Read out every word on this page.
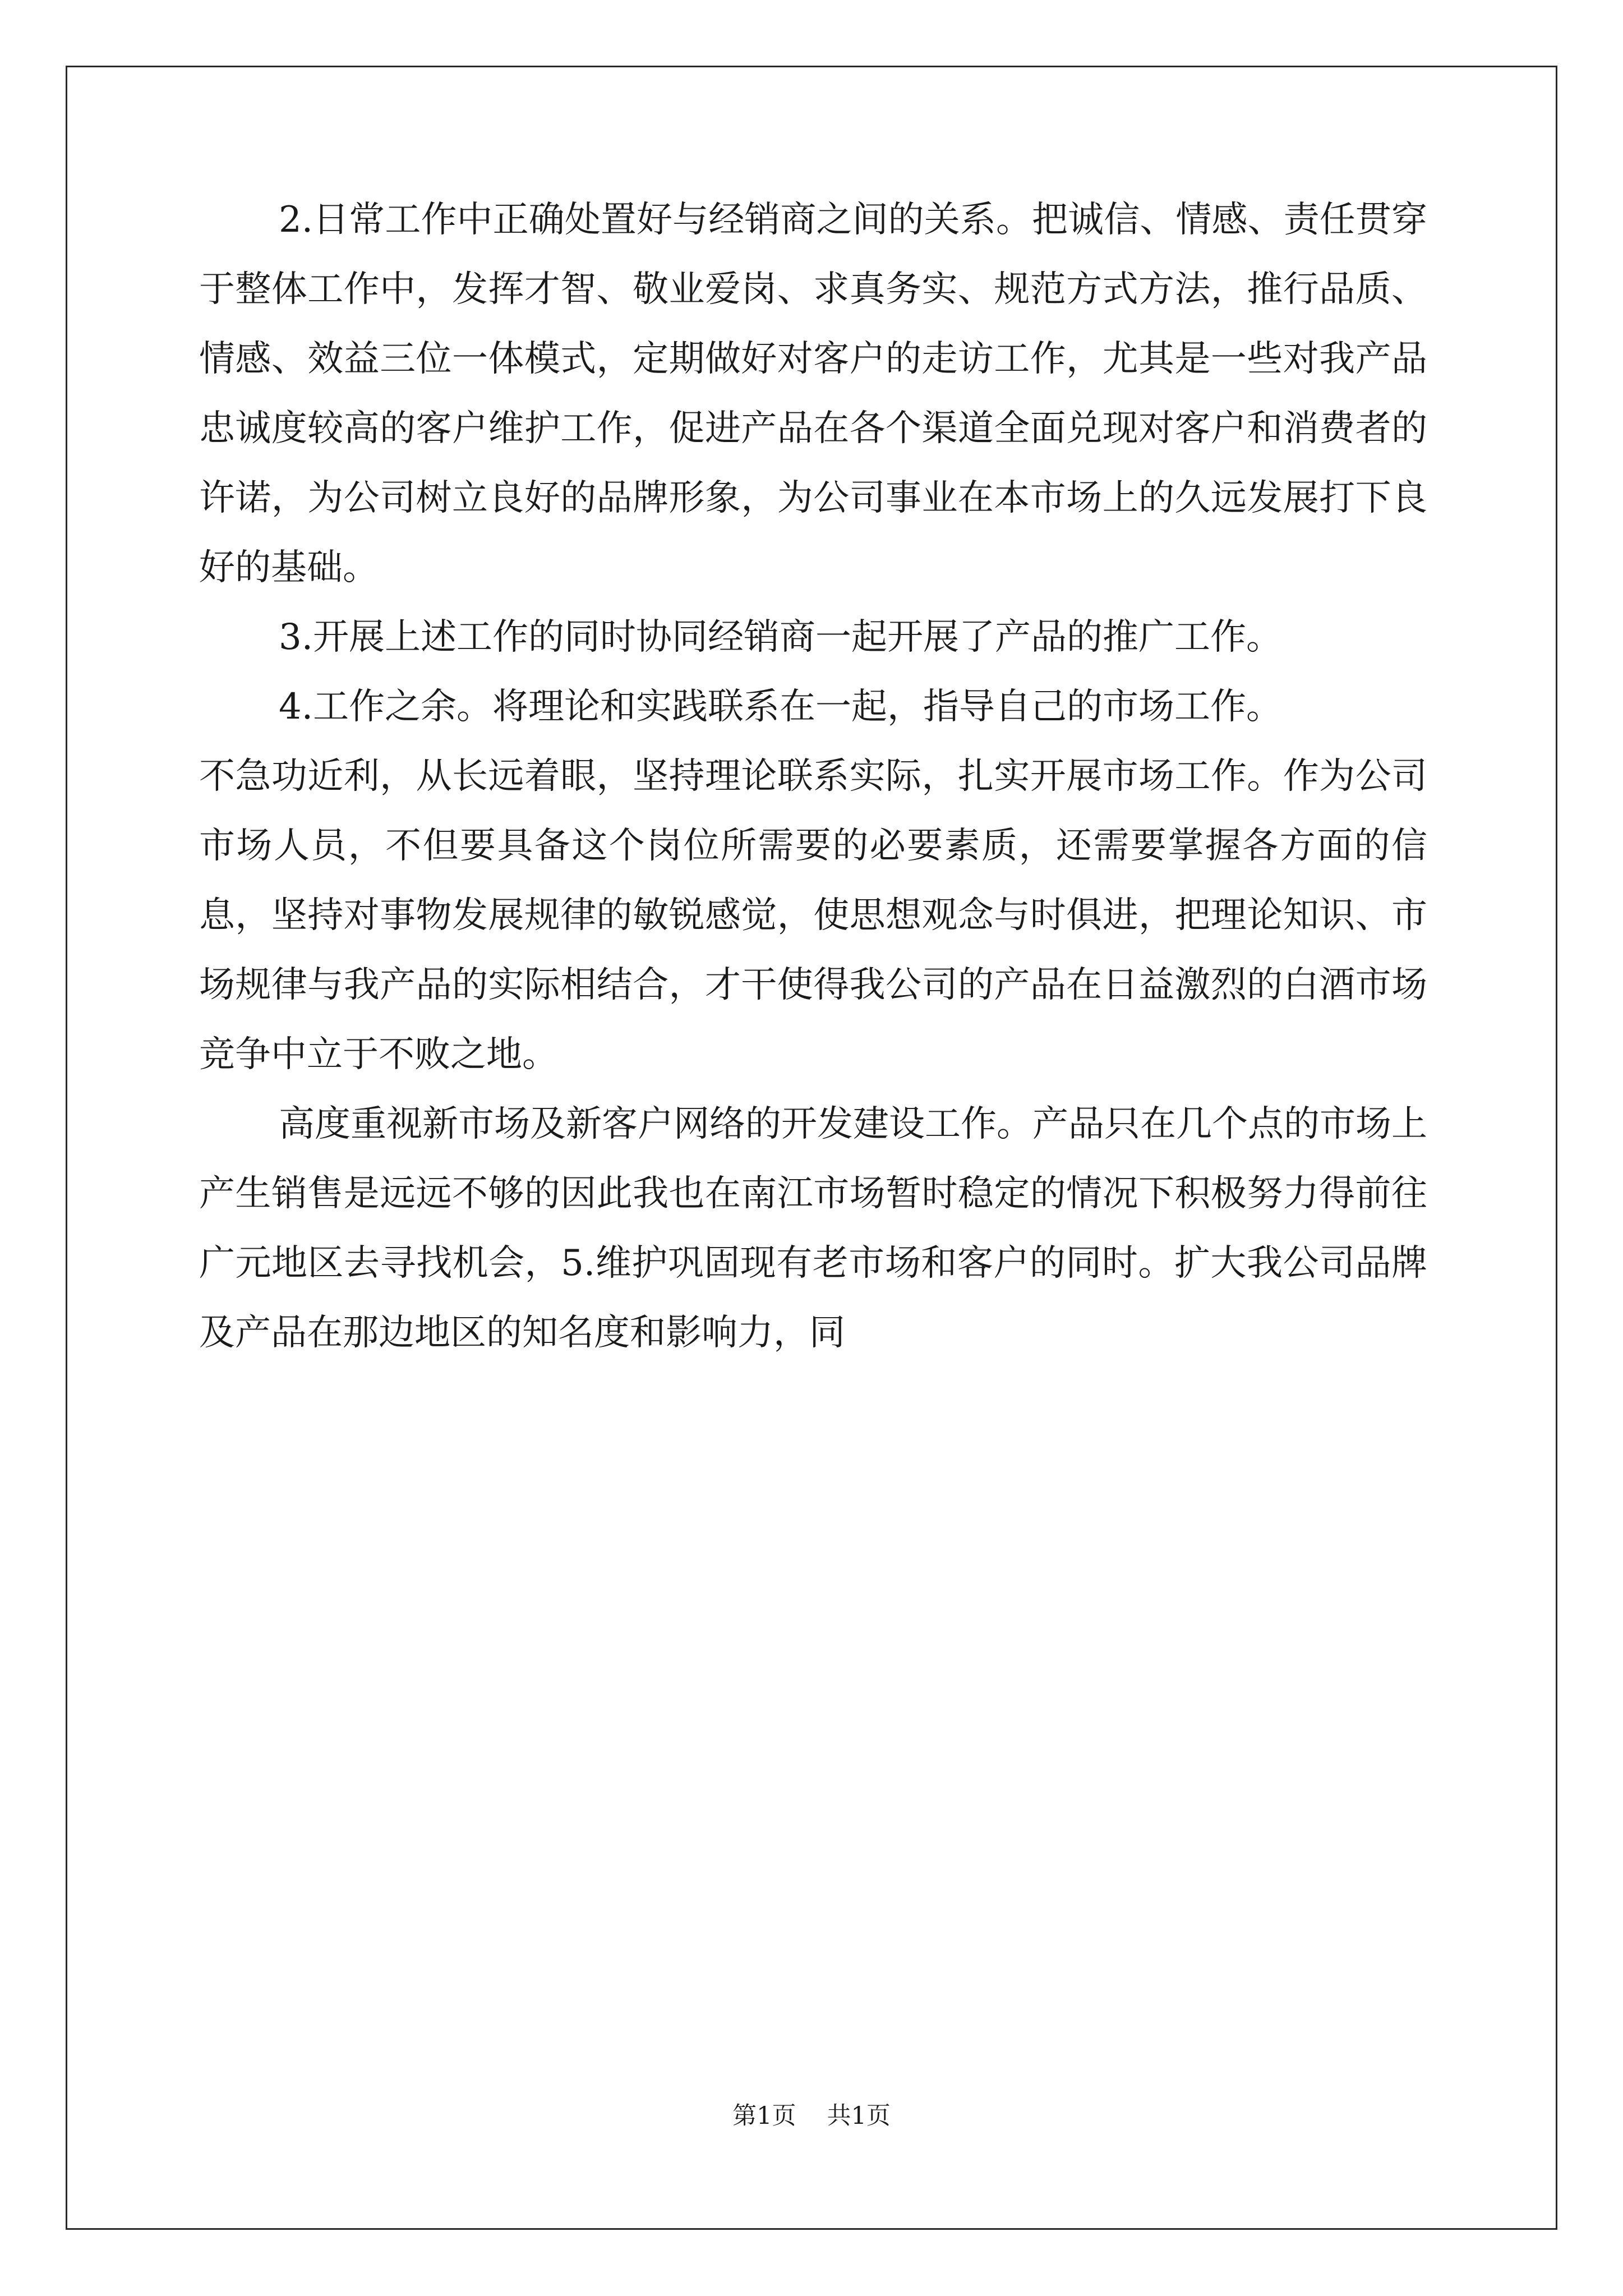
2.日常工作中正确处置好与经销商之间的关系。把诚信、情感、责任贯穿于整体工作中，发挥才智、敬业爱岗、求真务实、规范方式方法，推行品质、情感、效益三位一体模式，定期做好对客户的走访工作，尤其是一些对我产品忠诚度较高的客户维护工作，促进产品在各个渠道全面兑现对客户和消费者的许诺，为公司树立良好的品牌形象，为公司事业在本市场上的久远发展打下良好的基础。

3.开展上述工作的同时协同经销商一起开展了产品的推广工作。

4.工作之余。将理论和实践联系在一起，指导自己的市场工作。

不急功近利，从长远着眼，坚持理论联系实际，扎实开展市场工作。作为公司市场人员，不但要具备这个岗位所需要的必要素质，还需要掌握各方面的信息，坚持对事物发展规律的敏锐感觉，使思想观念与时俱进，把理论知识、市场规律与我产品的实际相结合，才干使得我公司的产品在日益激烈的白酒市场竞争中立于不败之地。

高度重视新市场及新客户网络的开发建设工作。产品只在几个点的市场上产生销售是远远不够的因此我也在南江市场暂时稳定的情况下积极努力得前往广元地区去寻找机会，5.维护巩固现有老市场和客户的同时。扩大我公司品牌及产品在那边地区的知名度和影响力，同

第1页 共1页
